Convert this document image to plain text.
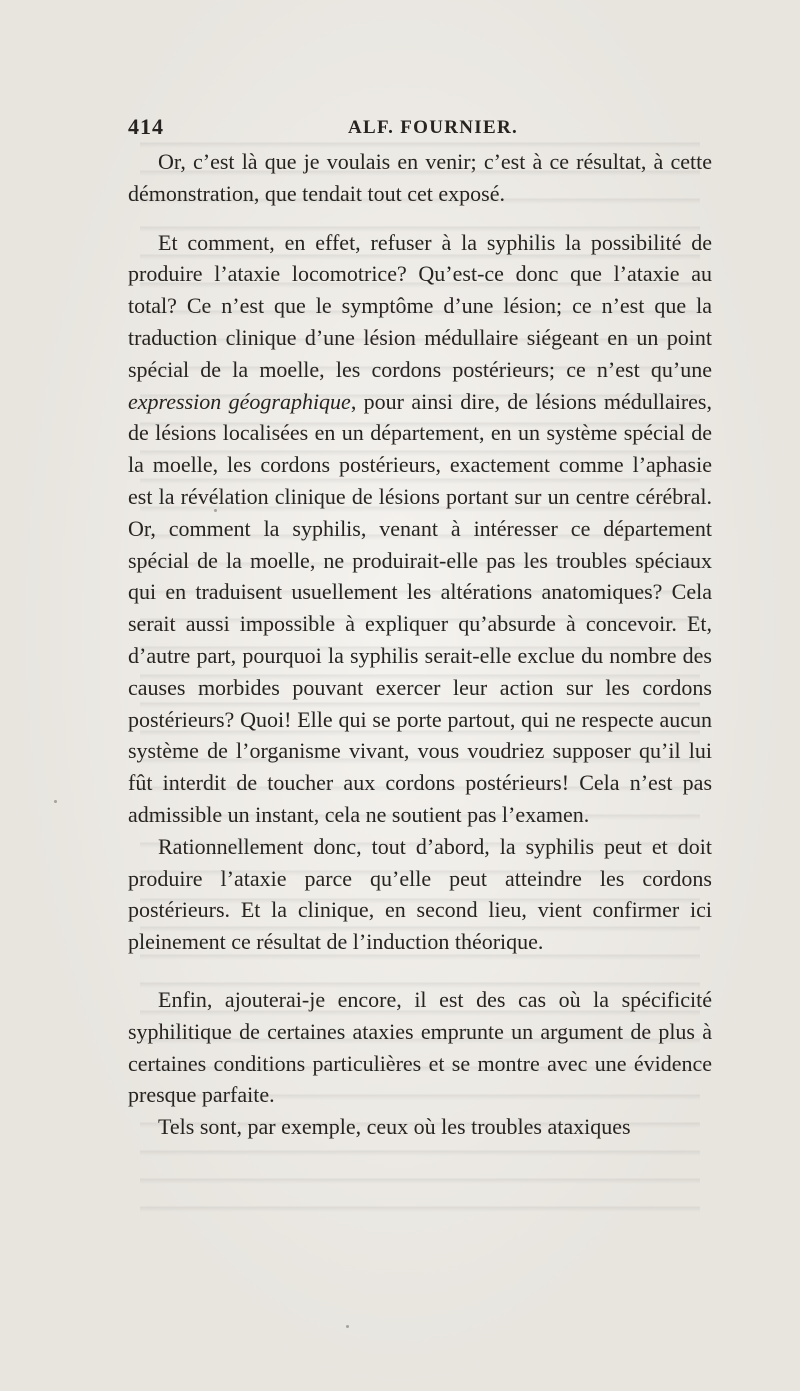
414	ALF. FOURNIER.

Or, c’est là que je voulais en venir; c’est à ce résultat, à cette démonstration, que tendait tout cet exposé.

Et comment, en effet, refuser à la syphilis la possibilité de produire l’ataxie locomotrice? Qu’est-ce donc que l’ataxie au total? Ce n’est que le symptôme d’une lésion; ce n’est que la traduction clinique d’une lésion médullaire siégeant en un point spécial de la moelle, les cordons postérieurs; ce n’est qu’une expression géographique, pour ainsi dire, de lésions médullaires, de lésions localisées en un département, en un système spécial de la moelle, les cordons postérieurs, exactement comme l’aphasie est la révélation clinique de lésions portant sur un centre cérébral. Or, comment la syphilis, venant à intéresser ce département spécial de la moelle, ne produirait-elle pas les troubles spéciaux qui en traduisent usuellement les altérations anatomiques? Cela serait aussi impossible à expliquer qu’absurde à concevoir. Et, d’autre part, pourquoi la syphilis serait-elle exclue du nombre des causes morbides pouvant exercer leur action sur les cordons postérieurs? Quoi! Elle qui se porte partout, qui ne respecte aucun système de l’organisme vivant, vous voudriez supposer qu’il lui fût interdit de toucher aux cordons postérieurs! Cela n’est pas admissible un instant, cela ne soutient pas l’examen.

Rationnellement donc, tout d’abord, la syphilis peut et doit produire l’ataxie parce qu’elle peut atteindre les cordons postérieurs. Et la clinique, en second lieu, vient confirmer ici pleinement ce résultat de l’induction théorique.

Enfin, ajouterai-je encore, il est des cas où la spécificité syphilitique de certaines ataxies emprunte un argument de plus à certaines conditions particulières et se montre avec une évidence presque parfaite.

Tels sont, par exemple, ceux où les troubles ataxiques
